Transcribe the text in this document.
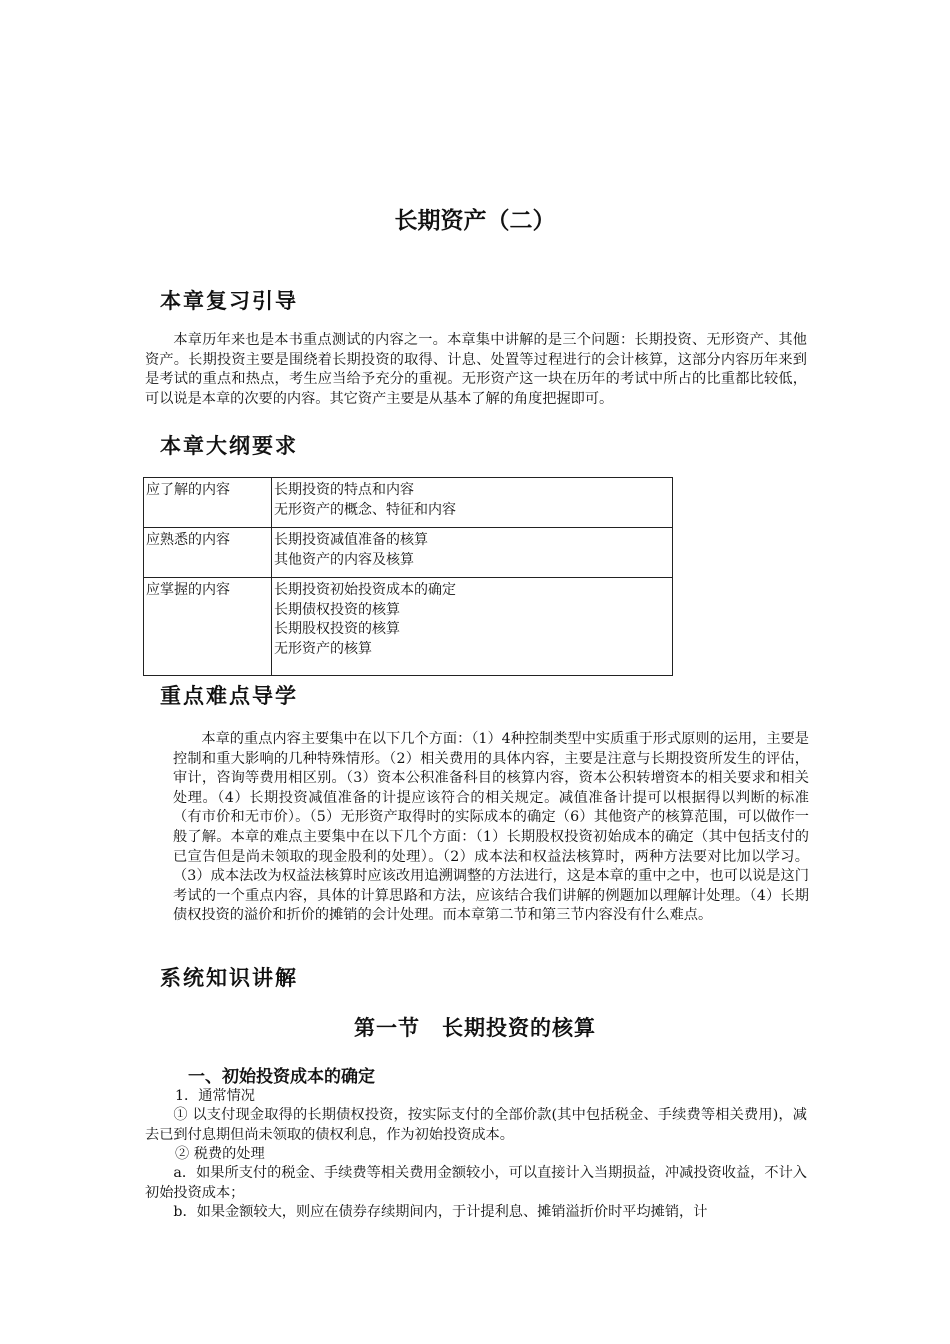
长期资产（二）
本章复习引导
本章历年来也是本书重点测试的内容之一。本章集中讲解的是三个问题：长期投资、无形资产、其他资产。长期投资主要是围绕着长期投资的取得、计息、处置等过程进行的会计核算，这部分内容历年来到是考试的重点和热点，考生应当给予充分的重视。无形资产这一块在历年的考试中所占的比重都比较低，可以说是本章的次要的内容。其它资产主要是从基本了解的角度把握即可。
本章大纲要求
应了解的内容	长期投资的特点和内容
无形资产的概念、特征和内容

应熟悉的内容	长期投资减值准备的核算
其他资产的内容及核算

应掌握的内容	长期投资初始投资成本的确定
长期债权投资的核算
长期股权投资的核算
无形资产的核算
重点难点导学
本章的重点内容主要集中在以下几个方面：（1）4种控制类型中实质重于形式原则的运用，主要是控制和重大影响的几种特殊情形。（2）相关费用的具体内容，主要是注意与长期投资所发生的评估，审计，咨询等费用相区别。（3）资本公积准备科目的核算内容，资本公积转增资本的相关要求和相关处理。（4）长期投资减值准备的计提应该符合的相关规定。减值准备计提可以根据得以判断的标准（有市价和无市价）。（5）无形资产取得时的实际成本的确定（6）其他资产的核算范围，可以做作一般了解。本章的难点主要集中在以下几个方面：（1）长期股权投资初始成本的确定（其中包括支付的已宣告但是尚未领取的现金股利的处理）。（2）成本法和权益法核算时，两种方法要对比加以学习。（3）成本法改为权益法核算时应该改用追溯调整的方法进行，这是本章的重中之中，也可以说是这门考试的一个重点内容，具体的计算思路和方法，应该结合我们讲解的例题加以理解计处理。（4）长期债权投资的溢价和折价的摊销的会计处理。而本章第二节和第三节内容没有什么难点。
系统知识讲解
第一节　长期投资的核算
一、初始投资成本的确定
1．通常情况
① 以支付现金取得的长期债权投资，按实际支付的全部价款(其中包括税金、手续费等相关费用)，减去已到付息期但尚未领取的债权利息，作为初始投资成本。
② 税费的处理
a．如果所支付的税金、手续费等相关费用金额较小，可以直接计入当期损益，冲减投资收益，不计入初始投资成本；
b．如果金额较大，则应在债券存续期间内，于计提利息、摊销溢折价时平均摊销，计
